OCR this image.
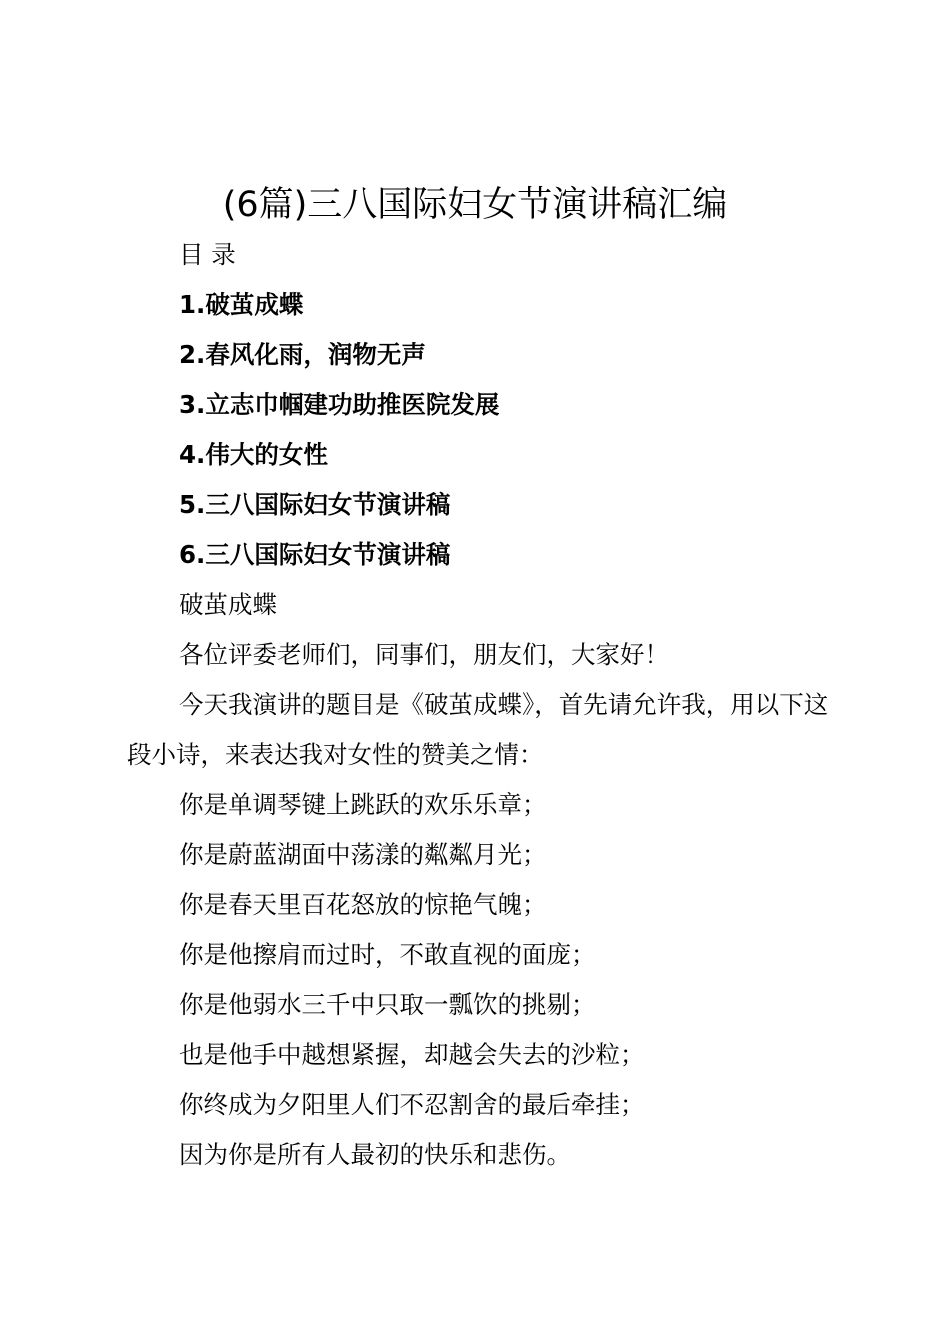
(6篇)三八国际妇女节演讲稿汇编

目 录

1.破茧成蝶

2.春风化雨，润物无声

3.立志巾帼建功助推医院发展

4.伟大的女性

5.三八国际妇女节演讲稿

6.三八国际妇女节演讲稿

破茧成蝶

各位评委老师们，同事们，朋友们，大家好！

今天我演讲的题目是《破茧成蝶》，首先请允许我，用以下这段小诗，来表达我对女性的赞美之情：

你是单调琴键上跳跃的欢乐乐章；

你是蔚蓝湖面中荡漾的粼粼月光；

你是春天里百花怒放的惊艳气魄；

你是他擦肩而过时，不敢直视的面庞；

你是他弱水三千中只取一瓢饮的挑剔；

也是他手中越想紧握，却越会失去的沙粒；

你终成为夕阳里人们不忍割舍的最后牵挂；

因为你是所有人最初的快乐和悲伤。
